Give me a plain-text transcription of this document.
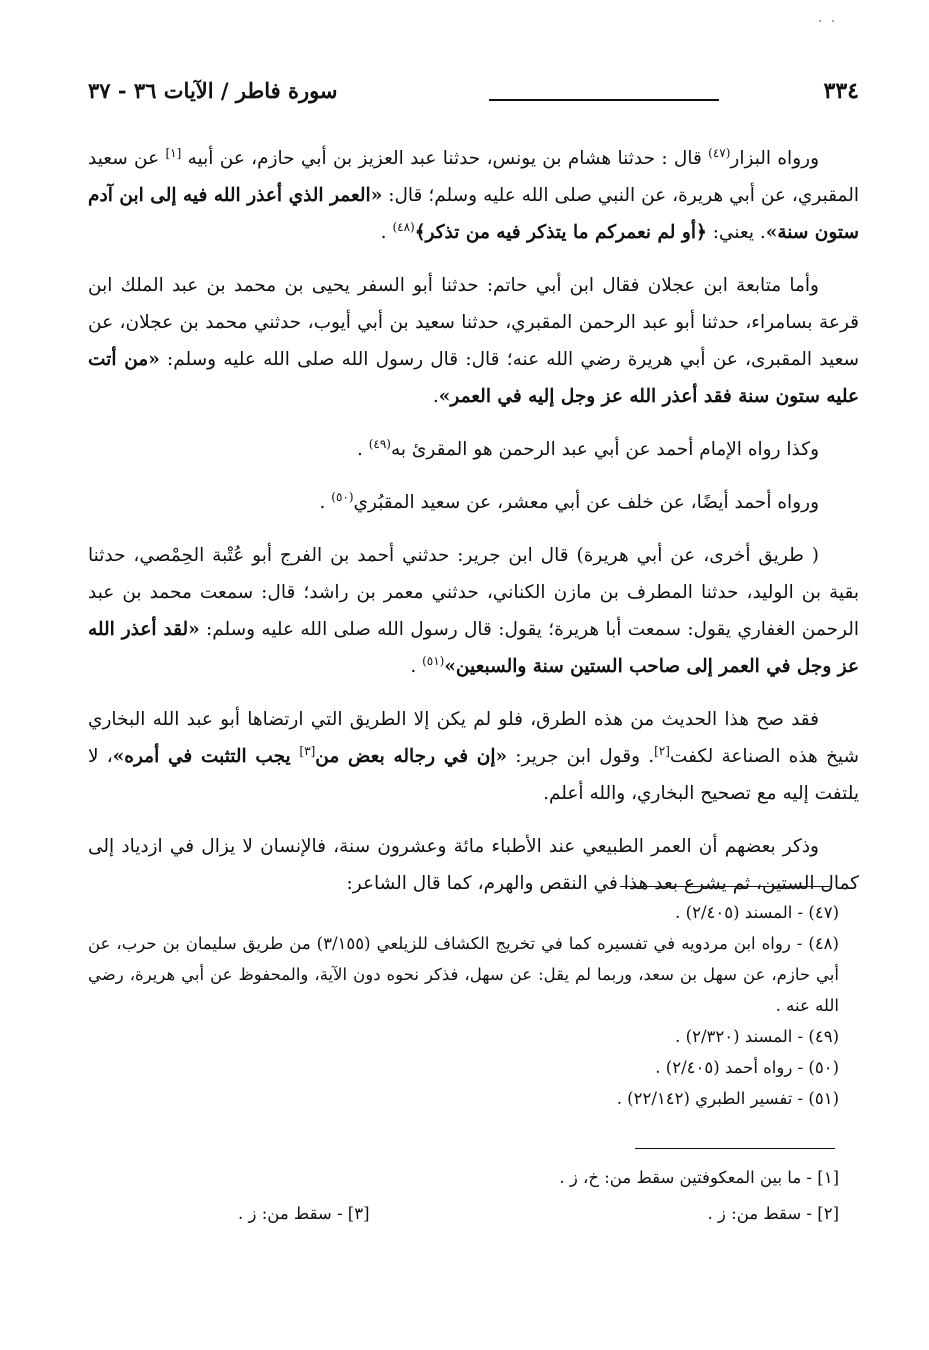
· ·
٣٣٤
سورة فاطر / الآيات ٣٦ - ٣٧

ورواه البزار$^{(٤٧)}$ قال : حدثنا هشام بن يونس، حدثنا عبد العزيز بن أبي حازم، عن أبيه [١] عن سعيد المقبري، عن أبي هريرة، عن النبي صلى الله عليه وسلم؛ قال: «العمر الذي أعذر الله فيه إلى ابن آدم ستون سنة». يعني: ﴿أو لم نعمركم ما يتذكر فيه من تذكر﴾$^{(٤٨)}$ .

وأما متابعة ابن عجلان فقال ابن أبي حاتم: حدثنا أبو السفر يحيى بن محمد بن عبد الملك ابن قرعة بسامراء، حدثنا أبو عبد الرحمن المقبري، حدثنا سعيد بن أبي أيوب، حدثني محمد بن عجلان، عن سعيد المقبرى، عن أبي هريرة رضي الله عنه؛ قال: قال رسول الله صلى الله عليه وسلم: «من أتت عليه ستون سنة فقد أعذر الله عز وجل إليه في العمر».

وكذا رواه الإمام أحمد عن أبي عبد الرحمن هو المقرئ به$^{(٤٩)}$ .

ورواه أحمد أيضًا، عن خلف عن أبي معشر، عن سعيد المقبُري$^{(٥٠)}$ .

( طريق أخرى، عن أبي هريرة) قال ابن جرير: حدثني أحمد بن الفرج أبو عُتْبة الحِمْصي، حدثنا بقية بن الوليد، حدثنا المطرف بن مازن الكناني، حدثني معمر بن راشد؛ قال: سمعت محمد بن عبد الرحمن الغفاري يقول: سمعت أبا هريرة؛ يقول: قال رسول الله صلى الله عليه وسلم: «لقد أعذر الله عز وجل في العمر إلى صاحب الستين سنة والسبعين»$^{(٥١)}$ .

فقد صح هذا الحديث من هذه الطرق، فلو لم يكن إلا الطريق التي ارتضاها أبو عبد الله البخاري شيخ هذه الصناعة لكفت[٢]. وقول ابن جرير: «إن في رجاله بعض من[٣] يجب التثبت في أمره»، لا يلتفت إليه مع تصحيح البخاري، والله أعلم.

وذكر بعضهم أن العمر الطبيعي عند الأطباء مائة وعشرون سنة، فالإنسان لا يزال في ازدياد إلى كمال الستين، ثم يشرع بعد هذا في النقص والهرم، كما قال الشاعر:

(٤٧) - المسند (٢/٤٠٥) .

(٤٨) - رواه ابن مردويه في تفسيره كما في تخريج الكشاف للزيلعي (٣/١٥٥) من طريق سليمان بن حرب، عن أبي حازم، عن سهل بن سعد، وربما لم يقل: عن سهل، فذكر نحوه دون الآية، والمحفوظ عن أبي هريرة، رضي الله عنه .

(٤٩) - المسند (٢/٣٢٠) .

(٥٠) - رواه أحمد (٢/٤٠٥) .

(٥١) - تفسير الطبري (٢٢/١٤٢) .

[١] - ما بين المعكوفتين سقط من: خ، ز .

[٢] - سقط من: ز .
[٣] - سقط من: ز .
